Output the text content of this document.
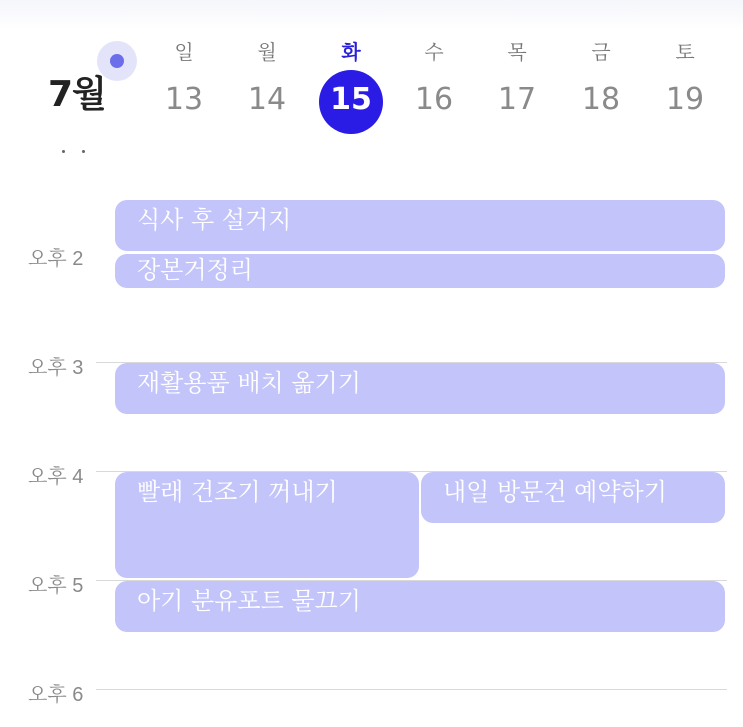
7월
일
13
월
14
화
15
수
16
목
17
금
18
토
19
오후 2
오후 3
오후 4
오후 5
오후 6
식사 후 설거지
장본거정리
재활용품 배치 옮기기
빨래 건조기 꺼내기	내일 방문건 예약하기
아기 분유포트 물끄기
